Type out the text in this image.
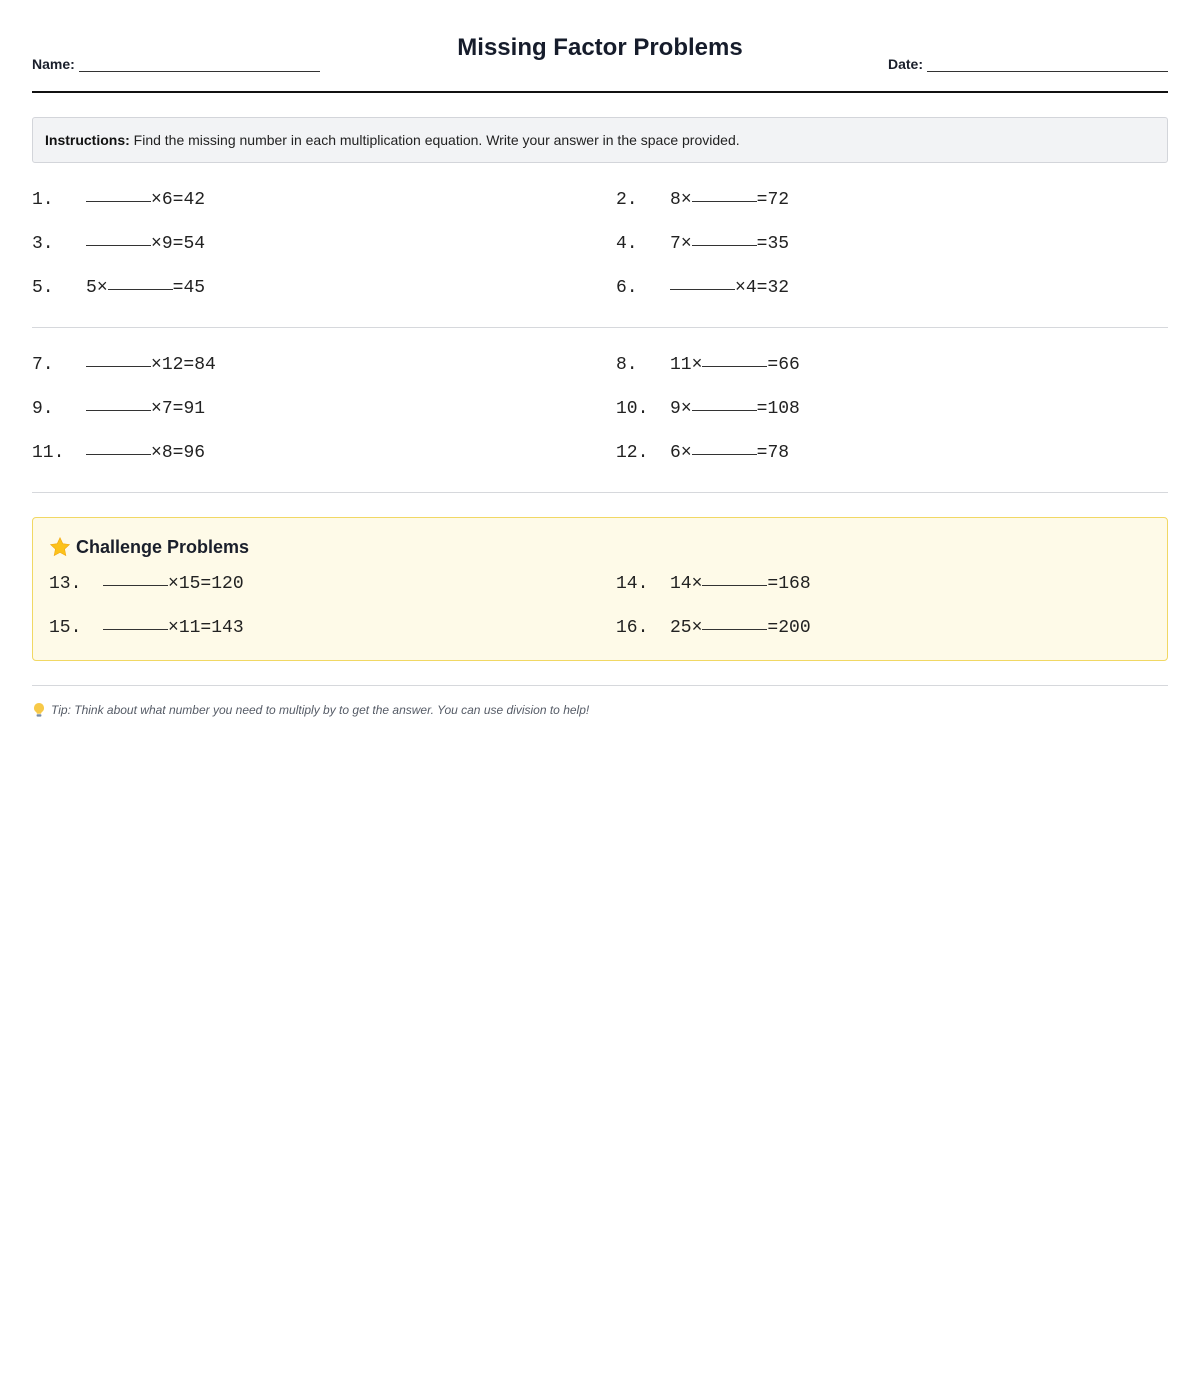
Missing Factor Problems
Name:	Date:
Instructions: Find the missing number in each multiplication equation. Write your answer in the space provided.
1.	× 6 = 42	2.	8 ×	= 72
3.	× 9 = 54	4.	7 ×	= 35
5.	5 ×	= 45	6.	× 4 = 32
7.	× 12 = 84	8.	11 ×	= 66
9.	× 7 = 91	10.	9 ×	= 108
11.	× 8 = 96	12.	6 ×	= 78
Challenge Problems
13.	× 15 = 120	14.	14 ×	= 168
15.	× 11 = 143	16.	25 ×	= 200
Tip: Think about what number you need to multiply by to get the answer. You can use division to help!
